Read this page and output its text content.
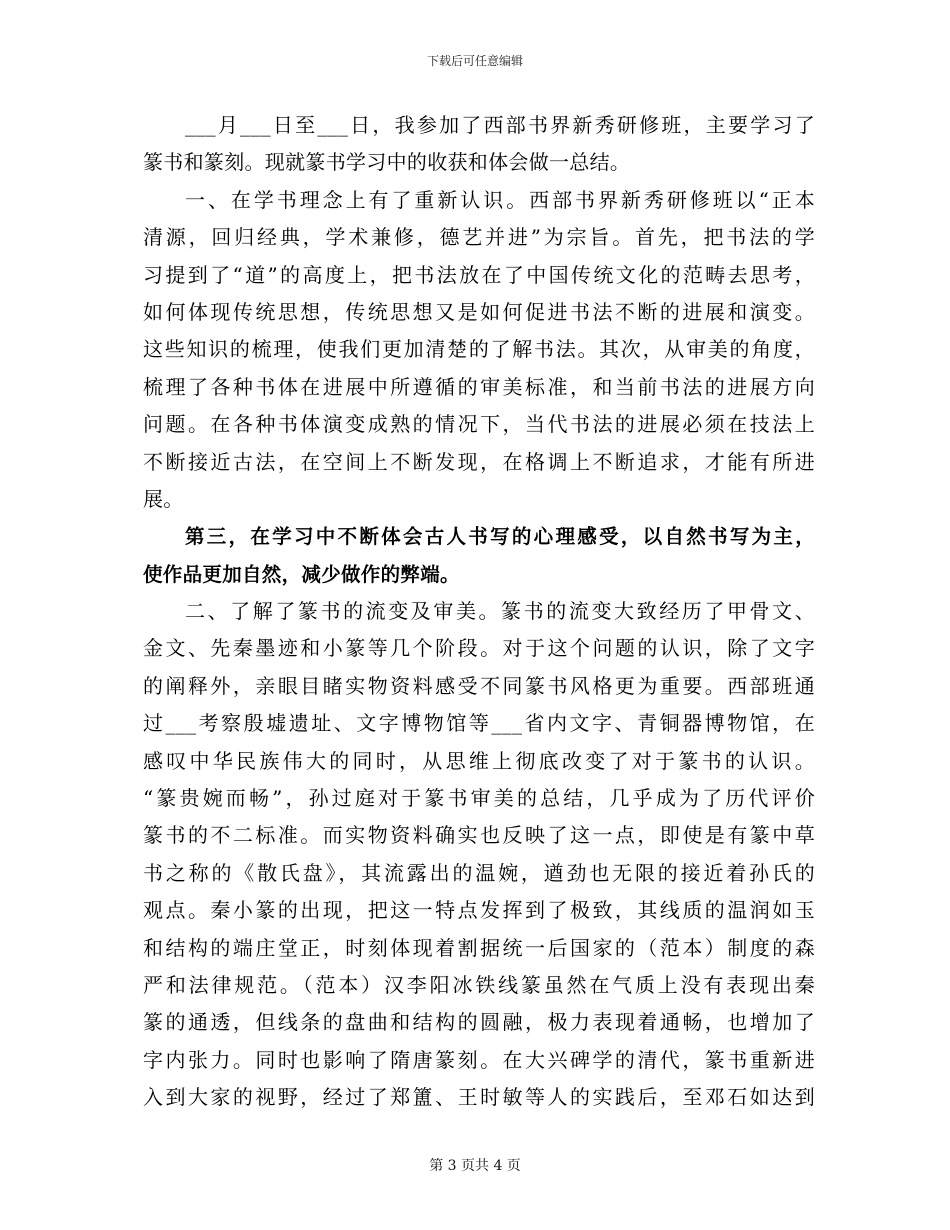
下载后可任意编辑
___月___日至___日，我参加了西部书界新秀研修班，主要学习了
篆书和篆刻。现就篆书学习中的收获和体会做一总结。
一、在学书理念上有了重新认识。西部书界新秀研修班以“正本
清源，回归经典，学术兼修，德艺并进”为宗旨。首先，把书法的学
习提到了“道”的高度上，把书法放在了中国传统文化的范畴去思考，
如何体现传统思想，传统思想又是如何促进书法不断的进展和演变。
这些知识的梳理，使我们更加清楚的了解书法。其次，从审美的角度，
梳理了各种书体在进展中所遵循的审美标准，和当前书法的进展方向
问题。在各种书体演变成熟的情况下，当代书法的进展必须在技法上
不断接近古法，在空间上不断发现，在格调上不断追求，才能有所进
展。
第三，在学习中不断体会古人书写的心理感受，以自然书写为主，
使作品更加自然，减少做作的弊端。
二、了解了篆书的流变及审美。篆书的流变大致经历了甲骨文、
金文、先秦墨迹和小篆等几个阶段。对于这个问题的认识，除了文字
的阐释外，亲眼目睹实物资料感受不同篆书风格更为重要。西部班通
过___考察殷墟遗址、文字博物馆等___省内文字、青铜器博物馆，在
感叹中华民族伟大的同时，从思维上彻底改变了对于篆书的认识。
“篆贵婉而畅”，孙过庭对于篆书审美的总结，几乎成为了历代评价
篆书的不二标准。而实物资料确实也反映了这一点，即使是有篆中草
书之称的《散氏盘》，其流露出的温婉，遒劲也无限的接近着孙氏的
观点。秦小篆的出现，把这一特点发挥到了极致，其线质的温润如玉
和结构的端庄堂正，时刻体现着割据统一后国家的（范本）制度的森
严和法律规范。（范本）汉李阳冰铁线篆虽然在气质上没有表现出秦
篆的通透，但线条的盘曲和结构的圆融，极力表现着通畅，也增加了
字内张力。同时也影响了隋唐篆刻。在大兴碑学的清代，篆书重新进
入到大家的视野，经过了郑簠、王时敏等人的实践后，至邓石如达到
第 3 页共 4 页
